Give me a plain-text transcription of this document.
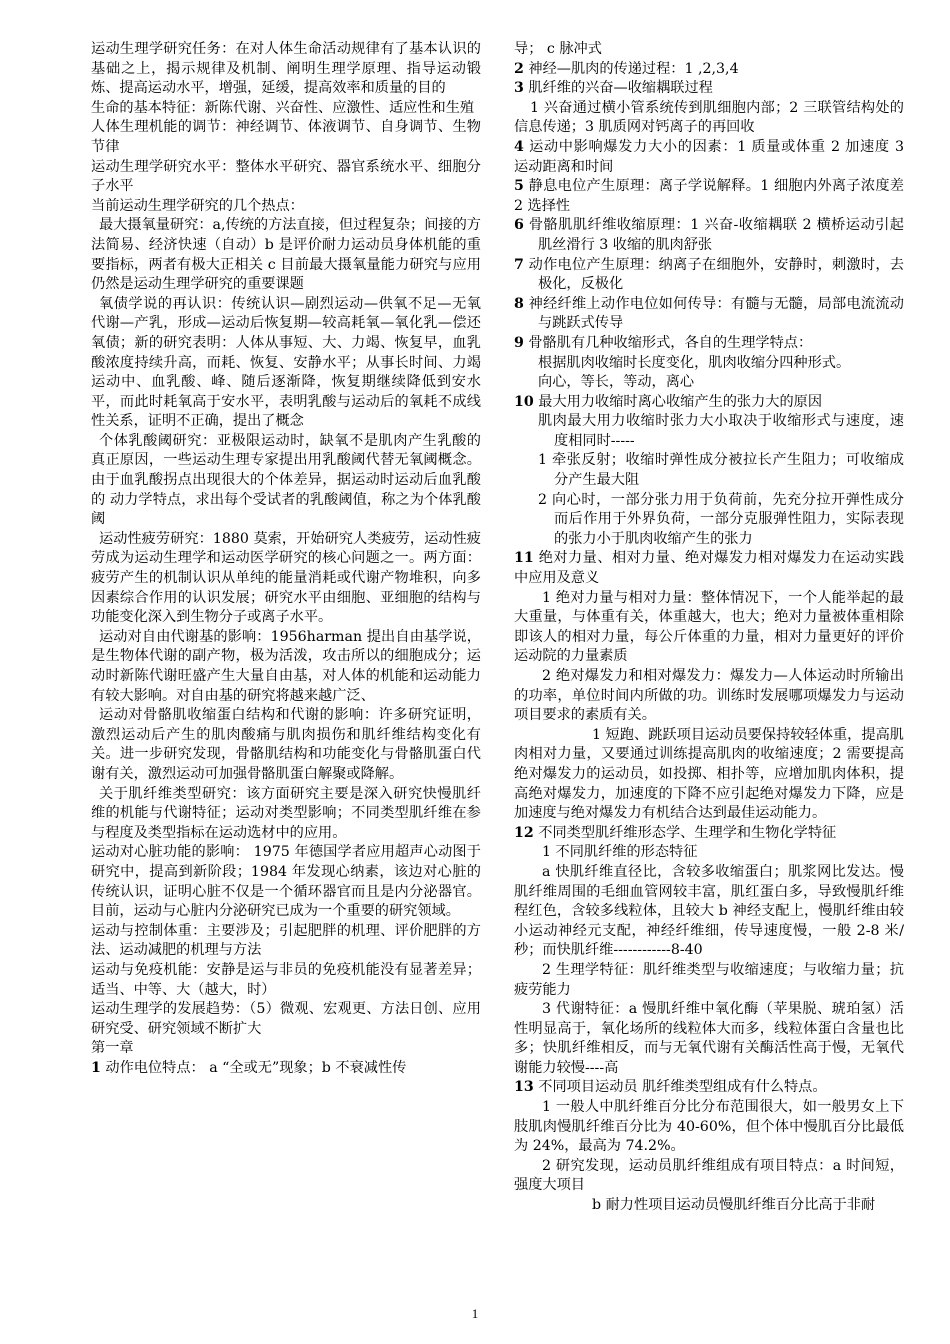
运动生理学研究任务：在对人体生命活动规律有了基本认识的基础之上，揭示规律及机制、阐明生理学原理、指导运动锻炼、提高运动水平，增强，延缓，提高效率和质量的目的

生命的基本特征：新陈代谢、兴奋性、应激性、适应性和生殖

人体生理机能的调节：神经调节、体液调节、自身调节、生物节律

运动生理学研究水平：整体水平研究、器官系统水平、细胞分子水平

当前运动生理学研究的几个热点：

最大摄氧量研究：a,传统的方法直接，但过程复杂；间接的方法简易、经济快速（自动）b 是评价耐力运动员身体机能的重要指标，两者有极大正相关 c 目前最大摄氧量能力研究与应用仍然是运动生理学研究的重要课题

氧债学说的再认识：传统认识—剧烈运动—供氧不足—无氧代谢—产乳，形成—运动后恢复期—较高耗氧—氧化乳—偿还氧债；新的研究表明：人体从事短、大、力竭、恢复早，血乳酸浓度持续升高，而耗、恢复、安静水平；从事长时间、力竭运动中、血乳酸、峰、随后逐渐降，恢复期继续降低到安水平，而此时耗氧高于安水平，表明乳酸与运动后的氧耗不成线性关系，证明不正确，提出了概念

个体乳酸阈研究：亚极限运动时，缺氧不是肌肉产生乳酸的真正原因，一些运动生理专家提出用乳酸阈代替无氧阈概念。由于血乳酸拐点出现很大的个体差异，据运动时运动后血乳酸的 动力学特点，求出每个受试者的乳酸阈值，称之为个体乳酸阈

运动性疲劳研究：1880 莫索，开始研究人类疲劳，运动性疲劳成为运动生理学和运动医学研究的核心问题之一。两方面：疲劳产生的机制认识从单纯的能量消耗或代谢产物堆积，向多因素综合作用的认识发展；研究水平由细胞、亚细胞的结构与功能变化深入到生物分子或离子水平。

运动对自由代谢基的影响：1956harman 提出自由基学说，是生物体代谢的副产物，极为活泼，攻击所以的细胞成分；运动时新陈代谢旺盛产生大量自由基，对人体的机能和运动能力有较大影响。对自由基的研究将越来越广泛、

运动对骨骼肌收缩蛋白结构和代谢的影响：许多研究证明，激烈运动后产生的肌肉酸痛与肌肉损伤和肌纤维结构变化有关。进一步研究发现，骨骼肌结构和功能变化与骨骼肌蛋白代谢有关，激烈运动可加强骨骼肌蛋白解聚或降解。

关于肌纤维类型研究：该方面研究主要是深入研究快慢肌纤维的机能与代谢特征；运动对类型影响；不同类型肌纤维在参与程度及类型指标在运动选材中的应用。

运动对心脏功能的影响： 1975 年德国学者应用超声心动图于研究中，提高到新阶段；1984 年发现心纳素，该边对心脏的传统认识，证明心脏不仅是一个循环器官而且是内分泌器官。目前，运动与心脏内分泌研究已成为一个重要的研究领域。

运动与控制体重：主要涉及；引起肥胖的机理、评价肥胖的方法、运动减肥的机理与方法

运动与免疫机能：安静是运与非员的免疫机能没有显著差异；适当、中等、大（越大，时）

运动生理学的发展趋势：（5）微观、宏观更、方法日创、应用研究受、研究领域不断扩大

第一章

1 动作电位特点： a “全或无”现象；b 不衰减性传

导； c 脉冲式

2 神经—肌肉的传递过程：1 ,2,3,4

3 肌纤维的兴奋—收缩耦联过程

1 兴奋通过横小管系统传到肌细胞内部；2 三联管结构处的信息传递；3 肌质网对钙离子的再回收

4 运动中影响爆发力大小的因素：1 质量或体重 2 加速度 3 运动距离和时间

5 静息电位产生原理：离子学说解释。1 细胞内外离子浓度差 2 选择性

6 骨骼肌肌纤维收缩原理：1 兴奋-收缩耦联 2 横桥运动引起肌丝滑行 3 收缩的肌肉舒张

7 动作电位产生原理：纳离子在细胞外，安静时，刺激时，去极化，反极化

8 神经纤维上动作电位如何传导：有髓与无髓，局部电流流动与跳跃式传导

9 骨骼肌有几种收缩形式，各自的生理学特点：

根据肌肉收缩时长度变化，肌肉收缩分四种形式。

向心，等长，等动，离心

10 最大用力收缩时离心收缩产生的张力大的原因

肌肉最大用力收缩时张力大小取决于收缩形式与速度，速度相同时-----

1 牵张反射；收缩时弹性成分被拉长产生阻力；可收缩成分产生最大阻

2 向心时，一部分张力用于负荷前，先充分拉开弹性成分而后作用于外界负荷，一部分克服弹性阻力，实际表现的张力小于肌肉收缩产生的张力

11 绝对力量、相对力量、绝对爆发力相对爆发力在运动实践中应用及意义

1 绝对力量与相对力量：整体情况下，一个人能举起的最大重量，与体重有关，体重越大，也大；绝对力量被体重相除即该人的相对力量，每公斤体重的力量，相对力量更好的评价运动院的力量素质

2 绝对爆发力和相对爆发力：爆发力—人体运动时所输出的功率，单位时间内所做的功。训练时发展哪项爆发力与运动项目要求的素质有关。

1 短跑、跳跃项目运动员要保持较轻体重，提高肌肉相对力量，又要通过训练提高肌肉的收缩速度；2 需要提高绝对爆发力的运动员，如投掷、相扑等，应增加肌肉体积，提高绝对爆发力，加速度的下降不应引起绝对爆发力下降，应是加速度与绝对爆发力有机结合达到最佳运动能力。

12 不同类型肌纤维形态学、生理学和生物化学特征

1 不同肌纤维的形态特征

a 快肌纤维直径比，含较多收缩蛋白；肌浆网比发达。慢肌纤维周围的毛细血管网较丰富，肌红蛋白多，导致慢肌纤维程红色，含较多线粒体，且较大 b 神经支配上，慢肌纤维由较小运动神经元支配，神经纤维细，传导速度慢，一般 2-8 米/秒；而快肌纤维------------8-40

2 生理学特征：肌纤维类型与收缩速度；与收缩力量；抗疲劳能力

3 代谢特征：a 慢肌纤维中氧化酶（苹果脱、琥珀氢）活性明显高于，氧化场所的线粒体大而多，线粒体蛋白含量也比多；快肌纤维相反，而与无氧代谢有关酶活性高于慢，无氧代谢能力较慢----高

13 不同项目运动员 肌纤维类型组成有什么特点。

1 一般人中肌纤维百分比分布范围很大，如一般男女上下肢肌肉慢肌纤维百分比为 40-60%，但个体中慢肌百分比最低为 24%，最高为 74.2%。

2 研究发现，运动员肌纤维组成有项目特点：a 时间短，强度大项目

b 耐力性项目运动员慢肌纤维百分比高于非耐

1
